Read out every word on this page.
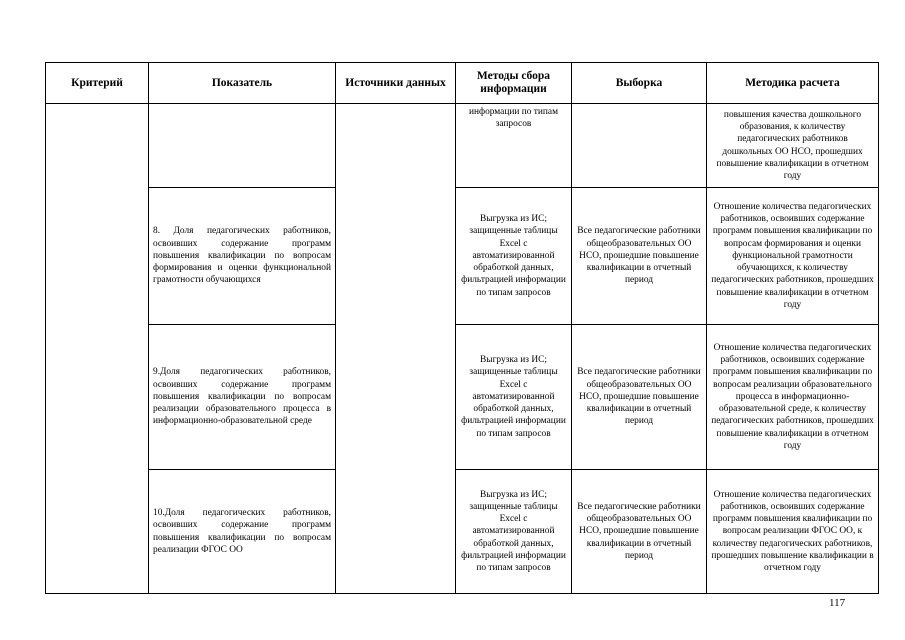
Критерий	Показатель	Источники данных	Методы сбора информации	Выборка	Методика расчета
			информации по типам запросов		повышения качества дошкольного образования, к количеству педагогических работников дошкольных ОО НСО, прошедших повышение квалификации в отчетном году
	8. Доля педагогических работников, освоивших содержание программ повышения квалификации по вопросам формирования и оценки функциональной грамотности обучающихся		Выгрузка из ИС; защищенные таблицы Excel с автоматизированной обработкой данных, фильтрацией информации по типам запросов	Все педагогические работники общеобразовательных ОО НСО, прошедшие повышение квалификации в отчетный период	Отношение количества педагогических работников, освоивших содержание программ повышения квалификации по вопросам формирования и оценки функциональной грамотности обучающихся, к количеству педагогических работников, прошедших повышение квалификации в отчетном году
	9.Доля педагогических работников, освоивших содержание программ повышения квалификации по вопросам реализации образовательного процесса в информационно-образовательной среде		Выгрузка из ИС; защищенные таблицы Excel с автоматизированной обработкой данных, фильтрацией информации по типам запросов	Все педагогические работники общеобразовательных ОО НСО, прошедшие повышение квалификации в отчетный период	Отношение количества педагогических работников, освоивших содержание программ повышения квалификации по вопросам реализации образовательного процесса в информационно-образовательной среде, к количеству педагогических работников, прошедших повышение квалификации в отчетном году
	10.Доля педагогических работников, освоивших содержание программ повышения квалификации по вопросам реализации ФГОС ОО		Выгрузка из ИС; защищенные таблицы Excel с автоматизированной обработкой данных, фильтрацией информации по типам запросов	Все педагогические работники общеобразовательных ОО НСО, прошедшие повышение квалификации в отчетный период	Отношение количества педагогических работников, освоивших содержание программ повышения квалификации по вопросам реализации ФГОС ОО, к количеству педагогических работников, прошедших повышение квалификации в отчетном году
117
